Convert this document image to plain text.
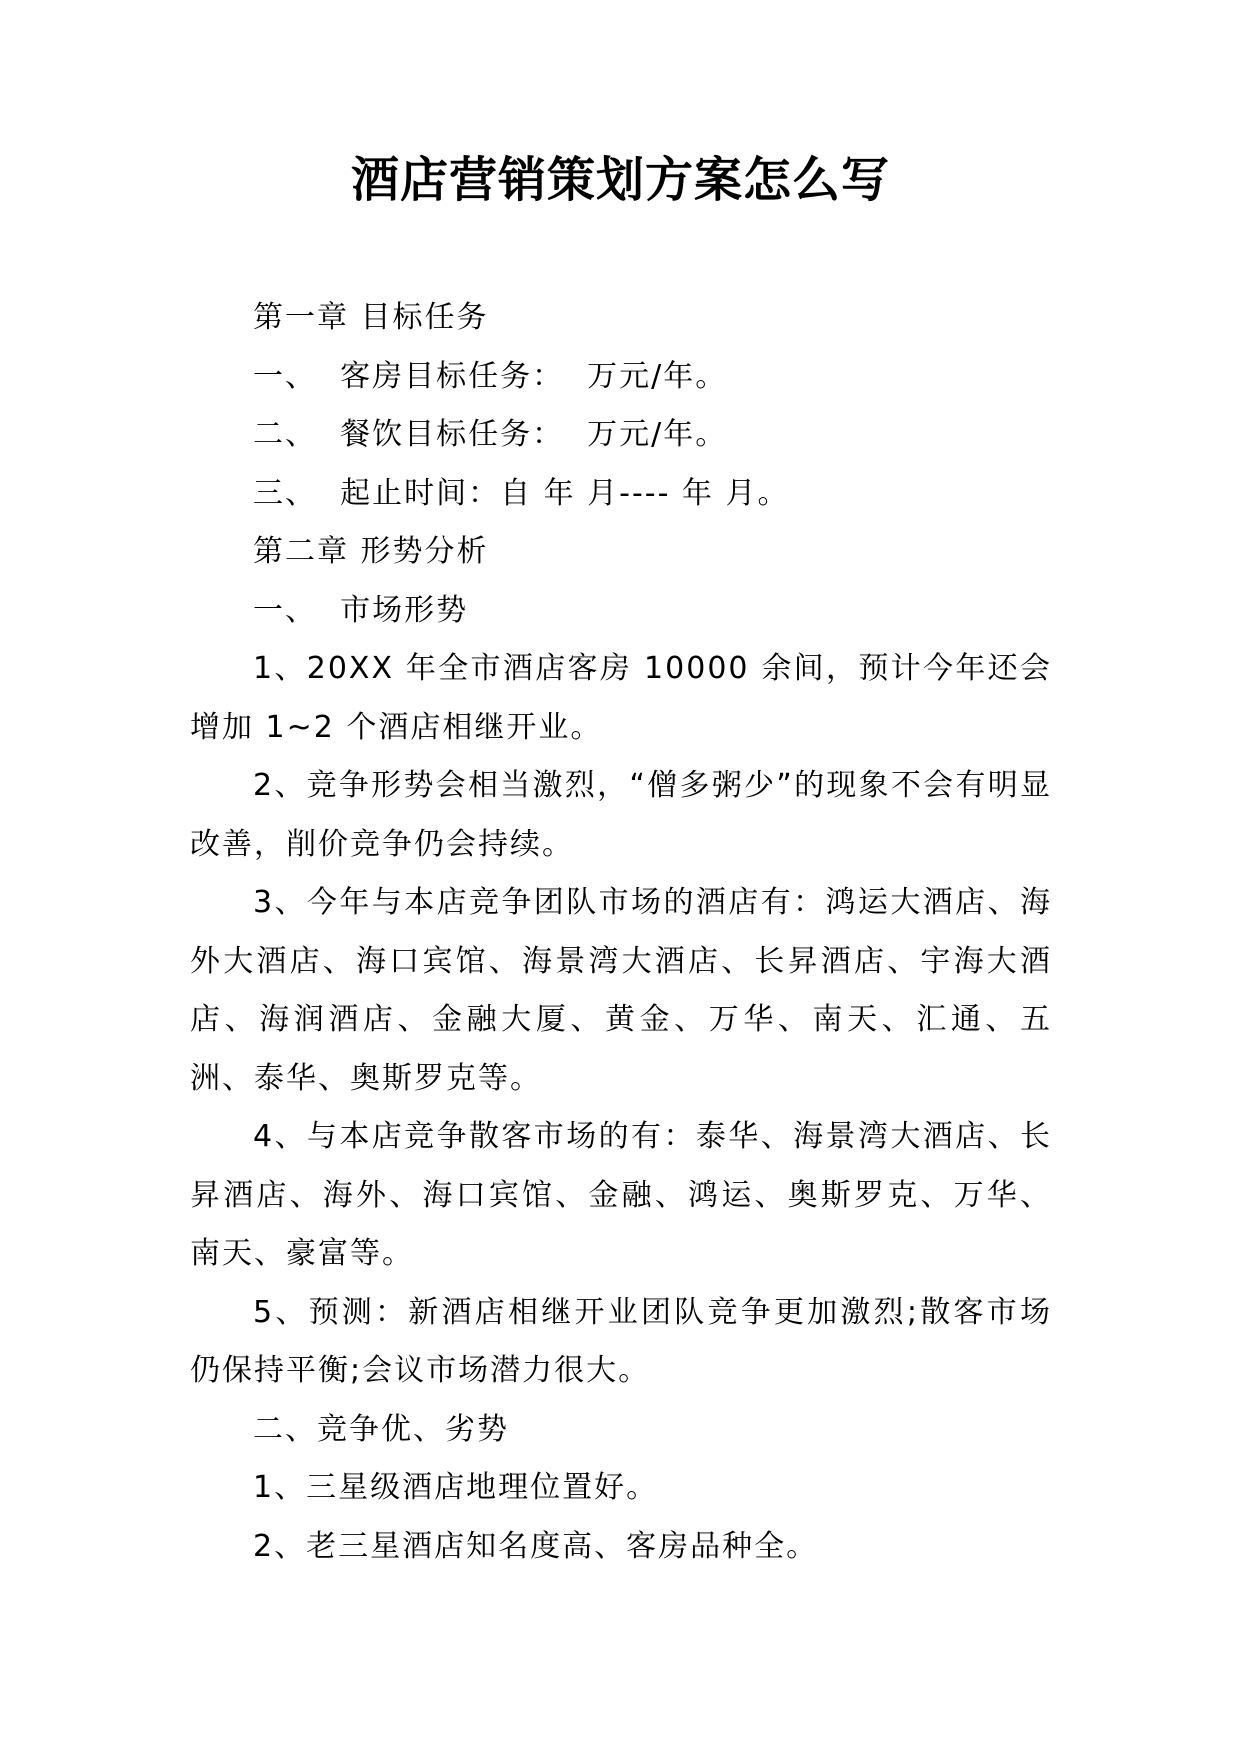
酒店营销策划方案怎么写

第一章 目标任务

一、  客房目标任务：  万元/年。

二、  餐饮目标任务：  万元/年。

三、  起止时间：自 年 月---- 年 月。

第二章 形势分析

一、  市场形势

1、20XX 年全市酒店客房 10000 余间，预计今年还会增加 1~2 个酒店相继开业。

2、竞争形势会相当激烈，“僧多粥少”的现象不会有明显改善，削价竞争仍会持续。

3、今年与本店竞争团队市场的酒店有：鸿运大酒店、海外大酒店、海口宾馆、海景湾大酒店、长昇酒店、宇海大酒店、海润酒店、金融大厦、黄金、万华、南天、汇通、五洲、泰华、奥斯罗克等。

4、与本店竞争散客市场的有：泰华、海景湾大酒店、长昇酒店、海外、海口宾馆、金融、鸿运、奥斯罗克、万华、南天、豪富等。

5、预测：新酒店相继开业团队竞争更加激烈;散客市场仍保持平衡;会议市场潜力很大。

二、竞争优、劣势

1、三星级酒店地理位置好。

2、老三星酒店知名度高、客房品种全。
